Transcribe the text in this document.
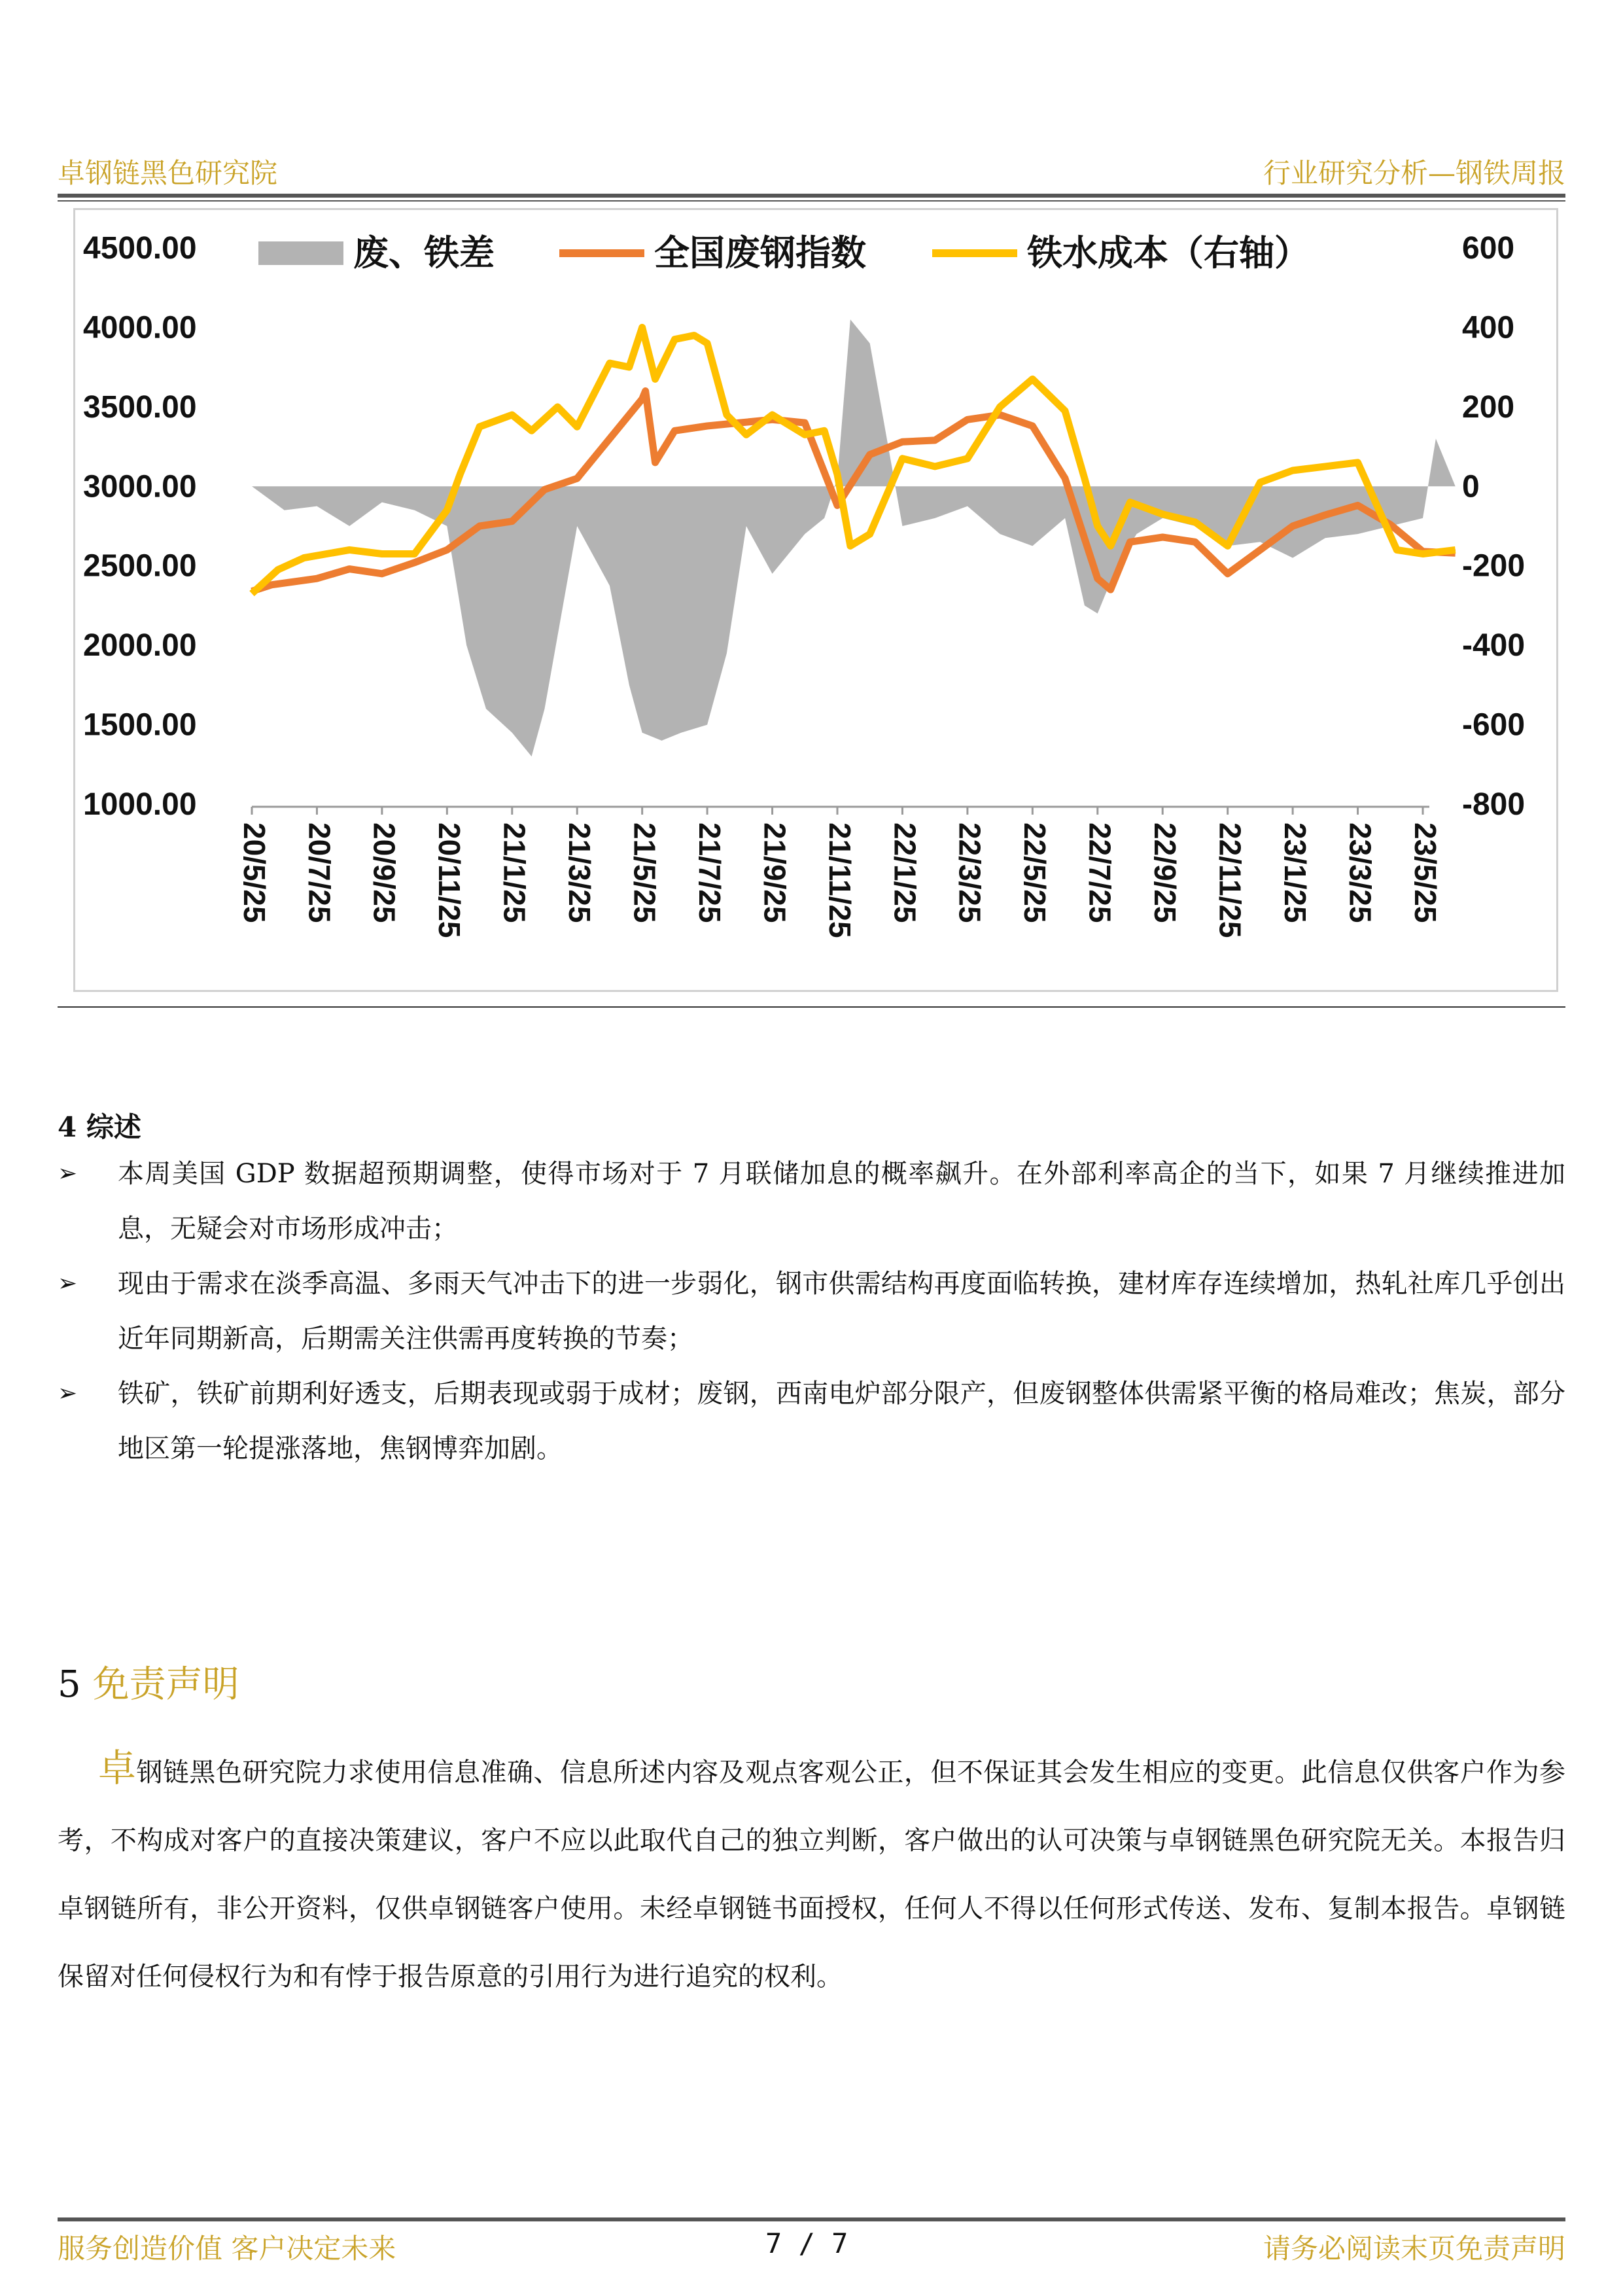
卓钢链黑色研究院	行业研究分析—钢铁周报
废、铁差	全国废钢指数	铁水成本（右轴）
20/5/25 20/7/25 20/9/25 20/11/25 21/1/25 21/3/25 21/5/25 21/7/25 21/9/25 21/11/25 22/1/25 22/3/25 22/5/25 22/7/25 22/9/25 22/11/25 23/1/25 23/3/25 23/5/25
4500.00
4000.00
3500.00
3000.00
2500.00
2000.00
1500.00
1000.00
600
400
200
0
-200
-400
-600
-800
4 综述
➢ 本周美国 GDP 数据超预期调整，使得市场对于 7 月联储加息的概率飙升。在外部利率高企的当下，如果 7 月继续推进加息，无疑会对市场形成冲击；
➢ 现由于需求在淡季高温、多雨天气冲击下的进一步弱化，钢市供需结构再度面临转换，建材库存连续增加，热轧社库几乎创出近年同期新高，后期需关注供需再度转换的节奏；
➢ 铁矿，铁矿前期利好透支，后期表现或弱于成材；废钢，西南电炉部分限产，但废钢整体供需紧平衡的格局难改；焦炭，部分地区第一轮提涨落地，焦钢博弈加剧。
5 免责声明
卓钢链黑色研究院力求使用信息准确、信息所述内容及观点客观公正，但不保证其会发生相应的变更。此信息仅供客户作为参考，不构成对客户的直接决策建议，客户不应以此取代自己的独立判断，客户做出的认可决策与卓钢链黑色研究院无关。本报告归卓钢链所有，非公开资料，仅供卓钢链客户使用。未经卓钢链书面授权，任何人不得以任何形式传送、发布、复制本报告。卓钢链保留对任何侵权行为和有悖于报告原意的引用行为进行追究的权利。
服务创造价值 客户决定未来	7 / 7	请务必阅读末页免责声明
